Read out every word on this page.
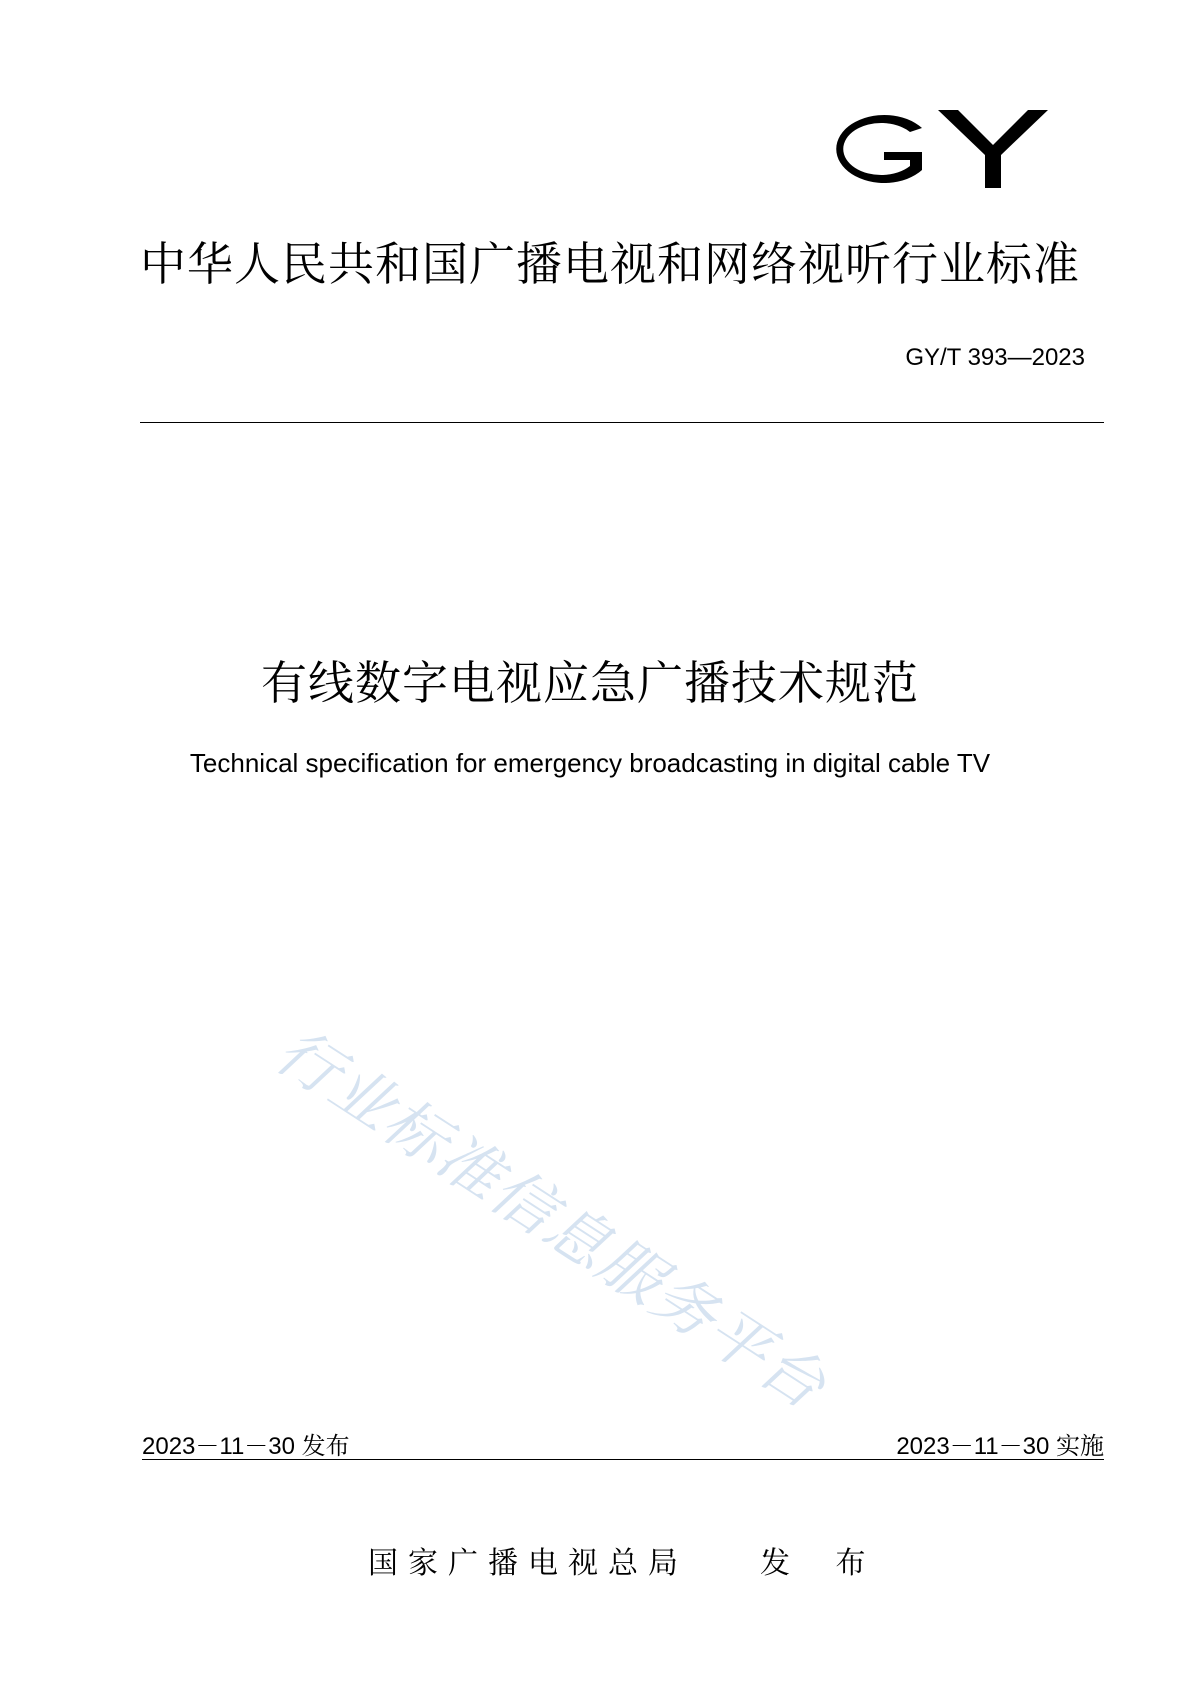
中华人民共和国广播电视和网络视听行业标准
GY/T 393—2023
有线数字电视应急广播技术规范
Technical specification for emergency broadcasting in digital cable TV
行业标准信息服务平台
2023－11－30 发布	2023－11－30 实施
国家广播电视总局 发 布
